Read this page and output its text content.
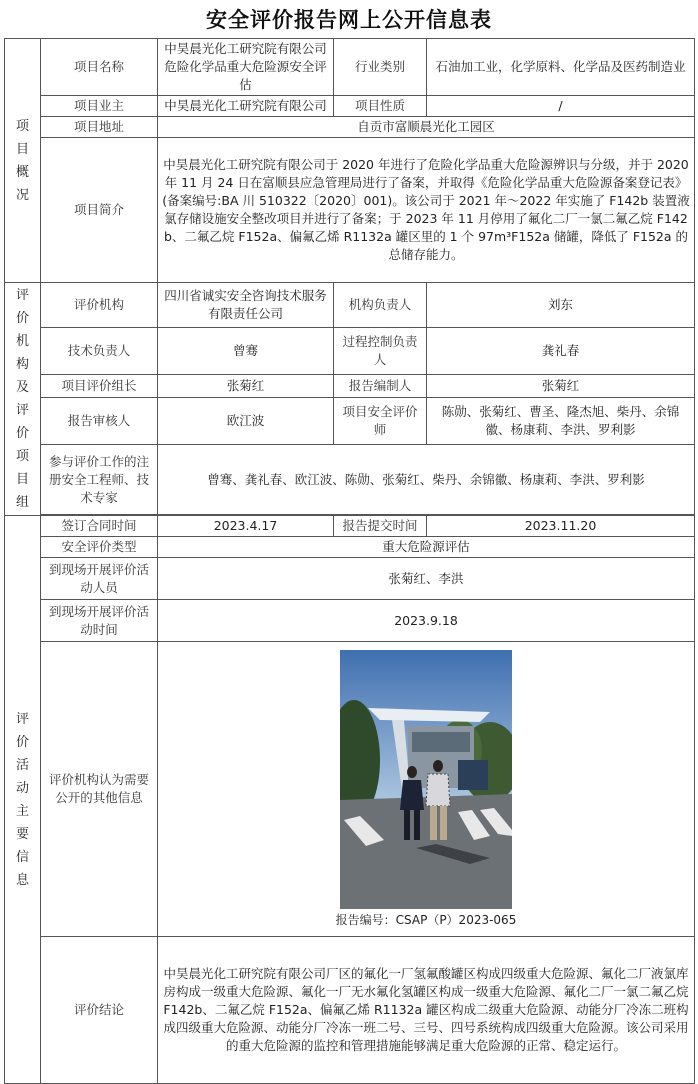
安全评价报告网上公开信息表
项目概况	项目名称	中昊晨光化工研究院有限公司危险化学品重大危险源安全评估	行业类别	石油加工业，化学原料、化学品及医药制造业
	项目业主	中昊晨光化工研究院有限公司	项目性质	/
	项目地址	自贡市富顺晨光化工园区		
	项目简介	中昊晨光化工研究院有限公司于 2020 年进行了危险化学品重大危险源辨识与分级，并于 2020 年 11 月 24 日在富顺县应急管理局进行了备案，并取得《危险化学品重大危险源备案登记表》(备案编号:BA 川 510322〔2020〕001)。该公司于 2021 年～2022 年实施了 F142b 装置液氯存储设施安全整改项目并进行了备案；于 2023 年 11 月停用了氟化二厂一氯二氟乙烷 F142b、二氟乙烷 F152a、偏氟乙烯 R1132a 罐区里的 1 个 97m³F152a 储罐，降低了 F152a 的总储存能力。		
评价机构及评价项目组	评价机构	四川省诚实安全咨询技术服务有限责任公司	机构负责人	刘东
	技术负责人	曾骞	过程控制负责人	龚礼春
	项目评价组长	张菊红	报告编制人	张菊红
	报告审核人	欧江波	项目安全评价师	陈勋、张菊红、曹圣、隆杰旭、柴丹、余锦徽、杨康莉、李洪、罗利影
	参与评价工作的注册安全工程师、技术专家	曾骞、龚礼春、欧江波、陈勋、张菊红、柴丹、余锦徽、杨康莉、李洪、罗利影		

评价活动主要信息	签订合同时间	2023.4.17	报告提交时间	2023.11.20
	安全评价类型	重大危险源评估		
	到现场开展评价活动人员	张菊红、李洪		
	到现场开展评价活动时间	2023.9.18		
	评价机构认为需要公开的其他信息	报告编号：CSAP（P）2023-065		

	评价结论	中昊晨光化工研究院有限公司厂区的氟化一厂氢氟酸罐区构成四级重大危险源、氟化二厂液氯库房构成一级重大危险源、氟化一厂无水氟化氢罐区构成一级重大危险源、氟化二厂一氯二氟乙烷 F142b、二氟乙烷 F152a、偏氟乙烯 R1132a 罐区构成二级重大危险源、动能分厂冷冻二班构成四级重大危险源、动能分厂冷冻一班二号、三号、四号系统构成四级重大危险源。该公司采用的重大危险源的监控和管理措施能够满足重大危险源的正常、稳定运行。		
